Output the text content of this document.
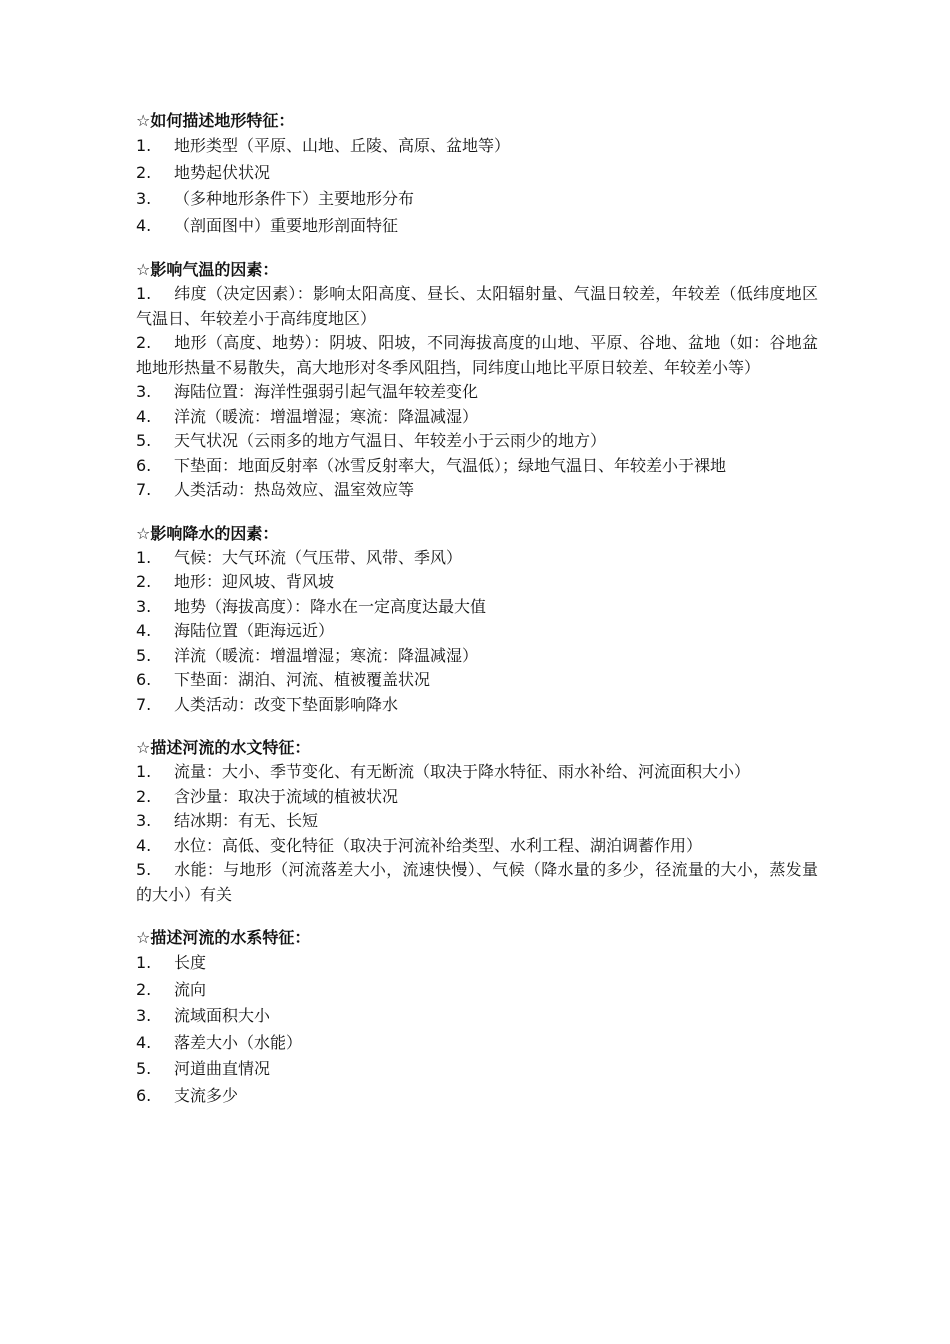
☆如何描述地形特征：

1. 地形类型（平原、山地、丘陵、高原、盆地等）

2. 地势起伏状况

3. （多种地形条件下）主要地形分布

4. （剖面图中）重要地形剖面特征

☆影响气温的因素：

1. 纬度（决定因素）：影响太阳高度、昼长、太阳辐射量、气温日较差，年较差（低纬度地区气温日、年较差小于高纬度地区）

2. 地形（高度、地势）：阴坡、阳坡，不同海拔高度的山地、平原、谷地、盆地（如：谷地盆地地形热量不易散失，高大地形对冬季风阻挡，同纬度山地比平原日较差、年较差小等）

3. 海陆位置：海洋性强弱引起气温年较差变化

4. 洋流（暖流：增温增湿；寒流：降温减湿）

5. 天气状况（云雨多的地方气温日、年较差小于云雨少的地方）

6. 下垫面：地面反射率（冰雪反射率大，气温低）；绿地气温日、年较差小于裸地

7. 人类活动：热岛效应、温室效应等

☆影响降水的因素：

1. 气候：大气环流（气压带、风带、季风）

2. 地形：迎风坡、背风坡

3. 地势（海拔高度）：降水在一定高度达最大值

4. 海陆位置（距海远近）

5. 洋流（暖流：增温增湿；寒流：降温减湿）

6. 下垫面：湖泊、河流、植被覆盖状况

7. 人类活动：改变下垫面影响降水

☆描述河流的水文特征：

1. 流量：大小、季节变化、有无断流（取决于降水特征、雨水补给、河流面积大小）

2. 含沙量：取决于流域的植被状况

3. 结冰期：有无、长短

4. 水位：高低、变化特征（取决于河流补给类型、水利工程、湖泊调蓄作用）

5. 水能：与地形（河流落差大小，流速快慢）、气候（降水量的多少，径流量的大小，蒸发量的大小）有关

☆描述河流的水系特征：

1. 长度

2. 流向

3. 流域面积大小

4. 落差大小（水能）

5. 河道曲直情况

6. 支流多少
